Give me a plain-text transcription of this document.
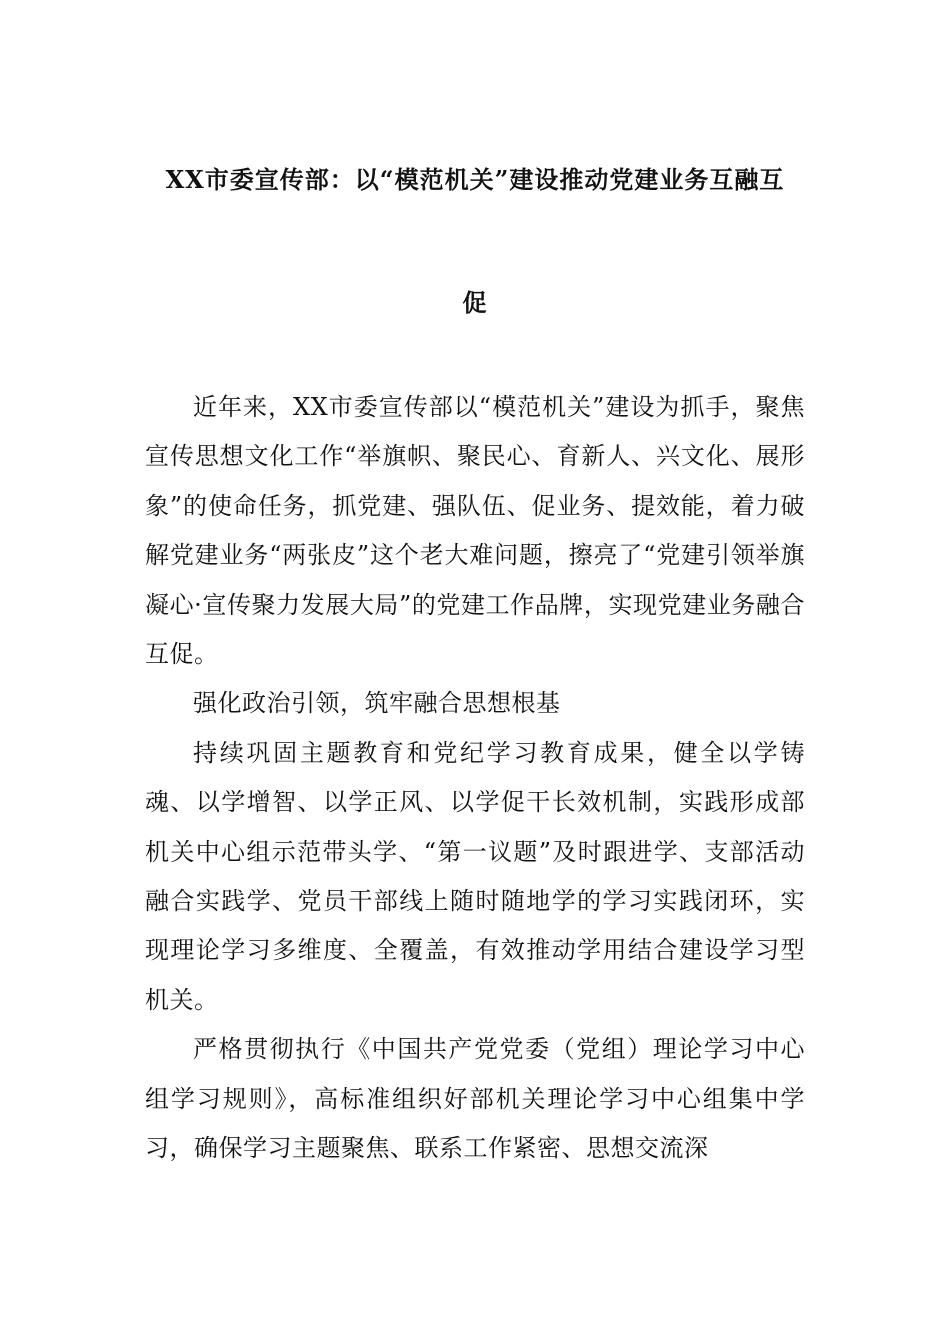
XX市委宣传部：以“模范机关”建设推动党建业务互融互
促

近年来，XX市委宣传部以“模范机关”建设为抓手，聚焦宣传思想文化工作“举旗帜、聚民心、育新人、兴文化、展形象”的使命任务，抓党建、强队伍、促业务、提效能，着力破解党建业务“两张皮”这个老大难问题，擦亮了“党建引领举旗凝心·宣传聚力发展大局”的党建工作品牌，实现党建业务融合互促。

强化政治引领，筑牢融合思想根基

持续巩固主题教育和党纪学习教育成果，健全以学铸魂、以学增智、以学正风、以学促干长效机制，实践形成部机关中心组示范带头学、“第一议题”及时跟进学、支部活动融合实践学、党员干部线上随时随地学的学习实践闭环，实现理论学习多维度、全覆盖，有效推动学用结合建设学习型机关。

严格贯彻执行《中国共产党党委（党组）理论学习中心组学习规则》，高标准组织好部机关理论学习中心组集中学习，确保学习主题聚焦、联系工作紧密、思想交流深
